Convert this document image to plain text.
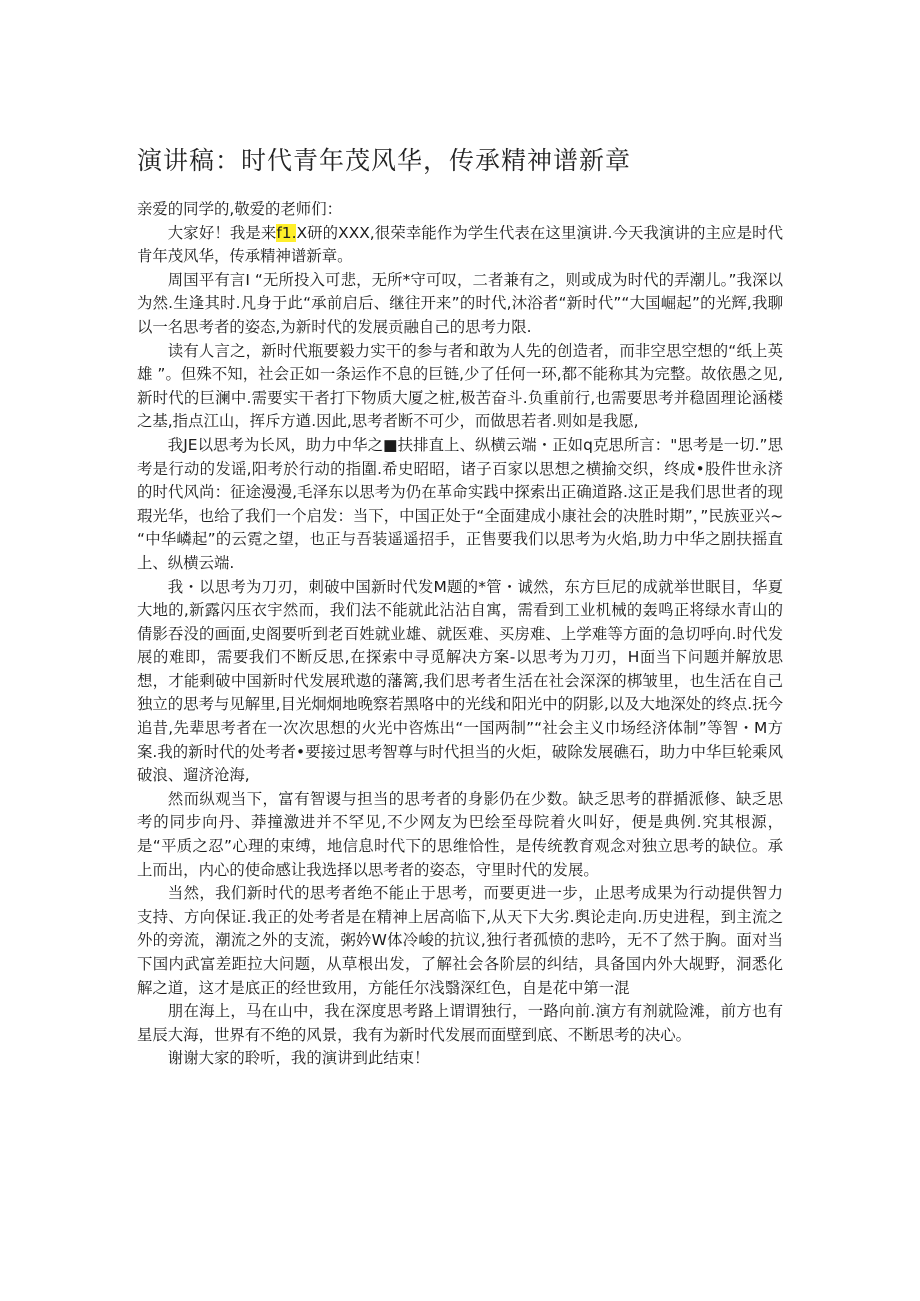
演讲稿：时代青年茂风华，传承精神谱新章

亲爱的同学的,敬爱的老师们：

大家好！我是来f1.X研的XXX,很荣幸能作为学生代表在这里演讲.今天我演讲的主应是时代肯年茂风华，传承精神谱新章。

周国平有言I “无所投入可悲，无所*守可叹，二者兼有之，则或成为时代的弄潮儿。”我深以为然.生逢其时.凡身于此“承前启后、继往开来”的时代,沐浴者“新时代”“大国崛起”的光辉,我聊以一名思考者的姿态,为新时代的发展贡融自己的思考力限.

读有人言之，新时代瓶要毅力实干的参与者和敢为人先的创造者，而非空思空想的“纸上英雄 ”。但殊不知，社会正如一条运作不息的巨链,少了任何一环,都不能称其为完整。故依愚之见,新时代的巨澜中.需要实干者打下物质大厦之桩,极苦奋斗.负重前行,也需要思考并稳固理论涵楼之基,指点江山，挥斥方遒.因此,思考者断不可少，而做思若者.则如是我愿,

我JE以思考为长风，助力中华之■扶排直上、纵横云端・正如q克思所言："思考是一切.”思考是行动的发谣,阳考於行动的指圍.希史昭昭，诸子百家以思想之横揄交织，终成•股件世永济的时代风尚：征途漫漫,毛泽东以思考为仍在革命实践中探索出正确道路.这正是我们思世者的现瑕光华，也给了我们一个启发：当下，中国正处于“全面建成小康社会的决胜时期”，”民族亚兴~ “中华嶙起”的云霓之望，也正与吾装遥遥招手，正售要我们以思考为火焰,助力中华之剧扶摇直上、纵横云端.

我・以思考为刀刃，刺破中国新时代发M题的*管・诚然，东方巨尼的成就举世眠目，华夏大地的,新露闪压衣宇然而，我们法不能就此沾沾自寓，需看到工业机械的轰鸣正将绿水青山的倩影吞没的画面,史阁要听到老百姓就业雄、就医难、买房难、上学难等方面的急切呼向.时代发展的难即，需要我们不断反思,在探索中寻觅解决方案-以思考为刀刃，H面当下问题并解放思想，才能剩破中国新时代发展玳遨的藩篱,我们思考者生活在社会深深的梆皱里，也生活在自己独立的思考与见解里,目光炯炯地晚察若黑咯中的光线和阳光中的阴影,以及大地深处的终点.抚今追昔,先辈思考者在一次次思想的火光中咨炼出“一国两制”“社会主义巾场经济体制”等智・M方案.我的新时代的处考者•要接过思考智尊与时代担当的火炬，破除发展礁石，助力中华巨轮乘风破浪、遛济沧海,

然而纵观当下，富有智谡与担当的思考者的身影仍在少数。缺乏思考的群揗派修、缺乏思考的同步向丹、莽撞激进并不罕见,不少网友为巴绘至母院着火叫好，便是典例.究其根源，是“平质之忍”心理的束缚，地信息时代下的思维恰性，是传统教育观念对独立思考的缺位。承上而出，内心的使命感让我选择以思考者的姿态，守里时代的发展。

当然，我们新时代的思考者绝不能止于思考，而要更进一步，止思考成果为行动提供智力支持、方向保证.我正的处考者是在精神上居高临下,从天下大劣.舆论走向.历史进程，到主流之外的旁流，潮流之外的支流，粥妗W体冷峻的抗议,独行者孤愤的悲吟，无不了然于胸。面对当下国内武富差距拉大问题，从草根出发，了解社会各阶层的纠结，具备国内外大觇野，洞悉化解之道，这才是底正的经世致用，方能任尔浅翳深红色，自是花中第一混

朋在海上，马在山中，我在深度思考路上谓谓独行，一路向前.演方有剂就险滩，前方也有星辰大海，世界有不绝的风景，我有为新时代发展而面壁到底、不断思考的决心。

谢谢大家的聆听，我的演讲到此结束！
